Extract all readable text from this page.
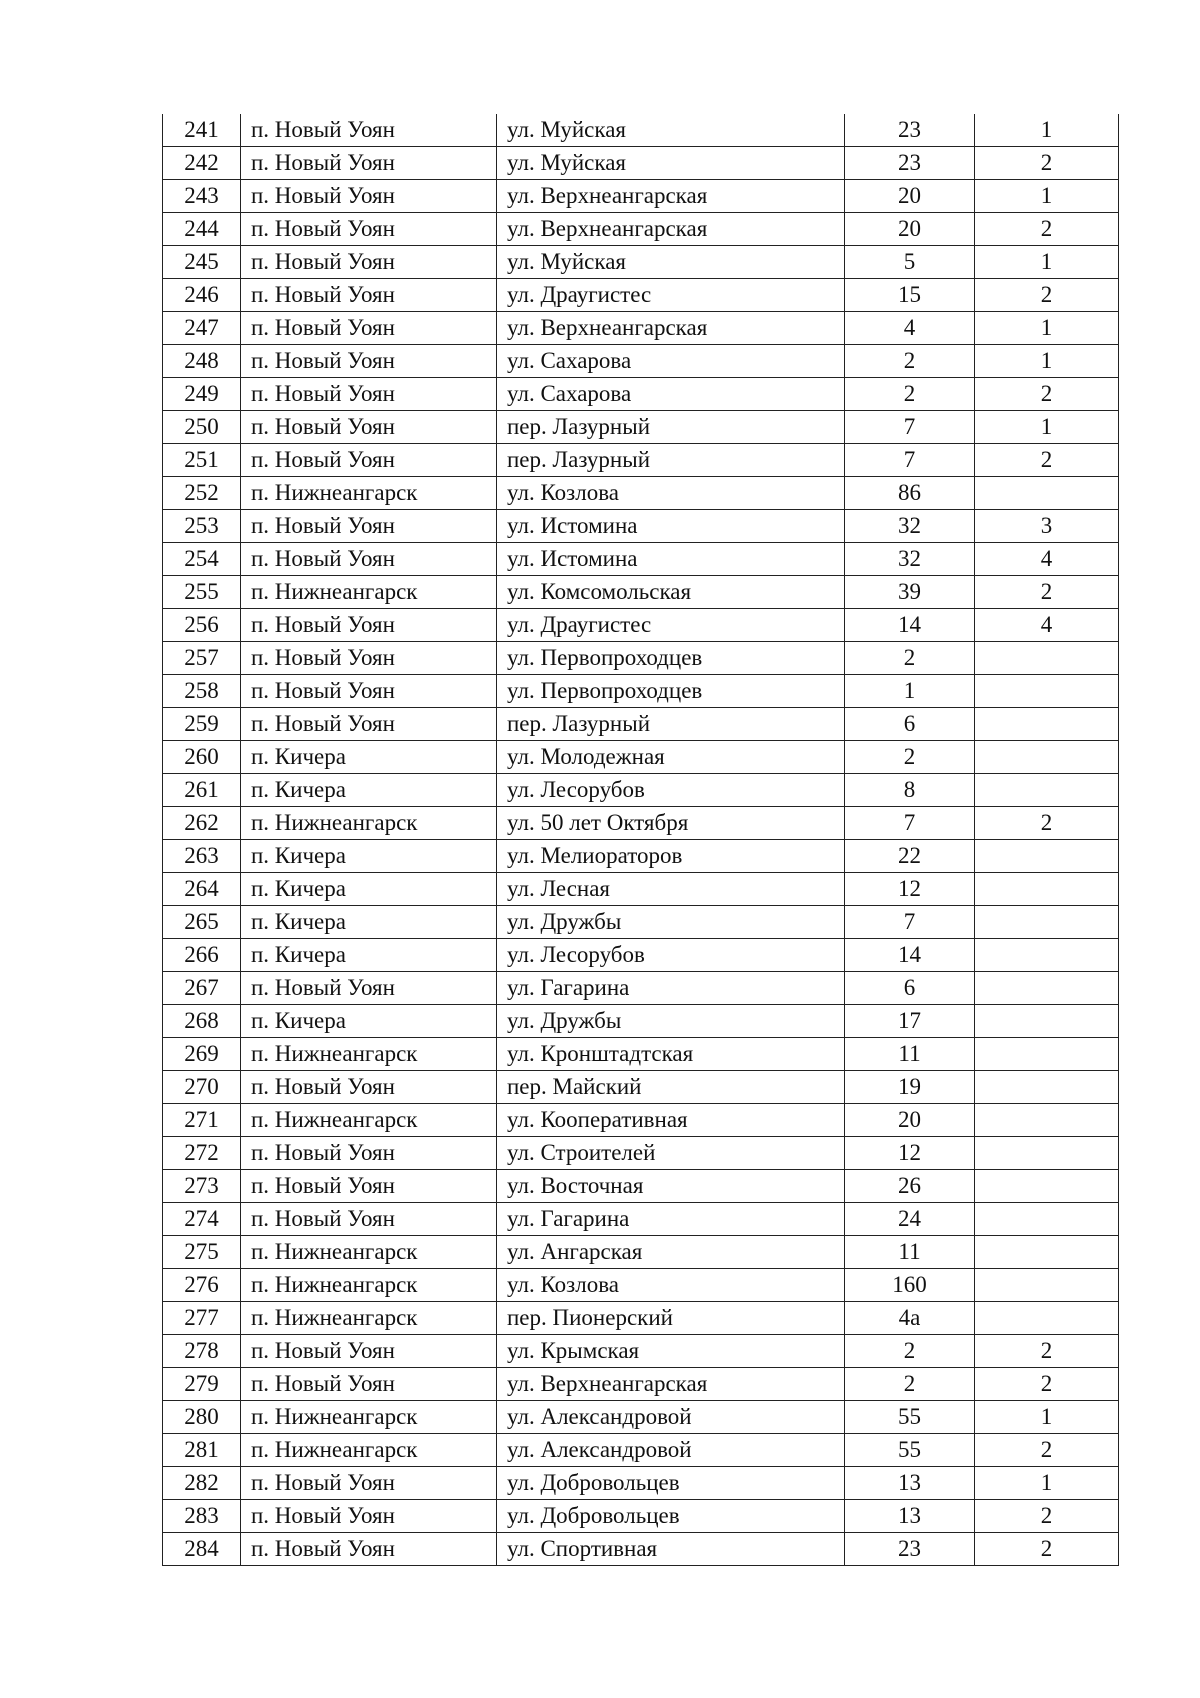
241	п. Новый Уоян	ул. Муйская	23	1
242	п. Новый Уоян	ул. Муйская	23	2
243	п. Новый Уоян	ул. Верхнеангарская	20	1
244	п. Новый Уоян	ул. Верхнеангарская	20	2
245	п. Новый Уоян	ул. Муйская	5	1
246	п. Новый Уоян	ул. Драугистес	15	2
247	п. Новый Уоян	ул. Верхнеангарская	4	1
248	п. Новый Уоян	ул. Сахарова	2	1
249	п. Новый Уоян	ул. Сахарова	2	2
250	п. Новый Уоян	пер. Лазурный	7	1
251	п. Новый Уоян	пер. Лазурный	7	2
252	п. Нижнеангарск	ул. Козлова	86	
253	п. Новый Уоян	ул. Истомина	32	3
254	п. Новый Уоян	ул. Истомина	32	4
255	п. Нижнеангарск	ул. Комсомольская	39	2
256	п. Новый Уоян	ул. Драугистес	14	4
257	п. Новый Уоян	ул. Первопроходцев	2	
258	п. Новый Уоян	ул. Первопроходцев	1	
259	п. Новый Уоян	пер. Лазурный	6	
260	п. Кичера	ул. Молодежная	2	
261	п. Кичера	ул. Лесорубов	8	
262	п. Нижнеангарск	ул. 50 лет Октября	7	2
263	п. Кичера	ул. Мелиораторов	22	
264	п. Кичера	ул. Лесная	12	
265	п. Кичера	ул. Дружбы	7	
266	п. Кичера	ул. Лесорубов	14	
267	п. Новый Уоян	ул. Гагарина	6	
268	п. Кичера	ул. Дружбы	17	
269	п. Нижнеангарск	ул. Кронштадтская	11	
270	п. Новый Уоян	пер. Майский	19	
271	п. Нижнеангарск	ул. Кооперативная	20	
272	п. Новый Уоян	ул. Строителей	12	
273	п. Новый Уоян	ул. Восточная	26	
274	п. Новый Уоян	ул. Гагарина	24	
275	п. Нижнеангарск	ул. Ангарская	11	
276	п. Нижнеангарск	ул. Козлова	160	
277	п. Нижнеангарск	пер. Пионерский	4а	
278	п. Новый Уоян	ул. Крымская	2	2
279	п. Новый Уоян	ул. Верхнеангарская	2	2
280	п. Нижнеангарск	ул. Александровой	55	1
281	п. Нижнеангарск	ул. Александровой	55	2
282	п. Новый Уоян	ул. Добровольцев	13	1
283	п. Новый Уоян	ул. Добровольцев	13	2
284	п. Новый Уоян	ул. Спортивная	23	2
